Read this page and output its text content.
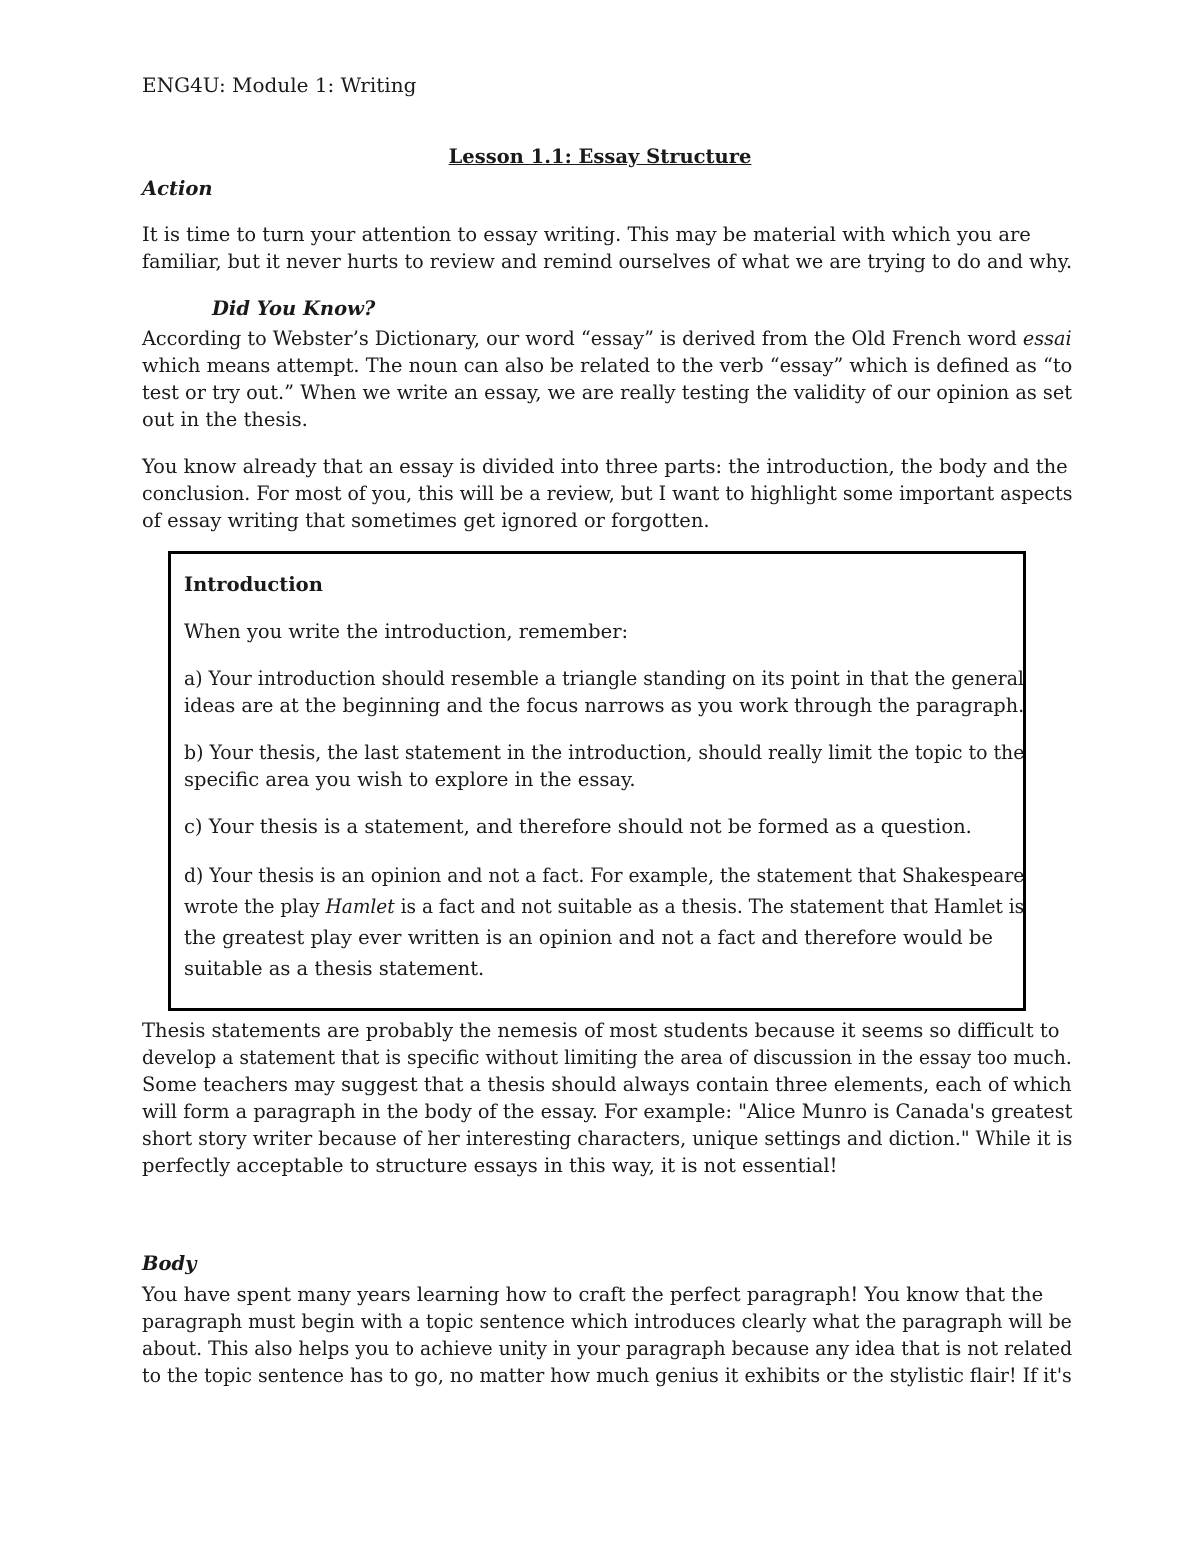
ENG4U: Module 1: Writing

Lesson 1.1: Essay Structure

Action

It is time to turn your attention to essay writing. This may be material with which you are
familiar, but it never hurts to review and remind ourselves of what we are trying to do and why.

Did You Know?

According to Webster’s Dictionary, our word “essay” is derived from the Old French word essai
which means attempt. The noun can also be related to the verb “essay” which is defined as “to
test or try out.” When we write an essay, we are really testing the validity of our opinion as set
out in the thesis.

You know already that an essay is divided into three parts: the introduction, the body and the
conclusion. For most of you, this will be a review, but I want to highlight some important aspects
of essay writing that sometimes get ignored or forgotten.

Introduction

When you write the introduction, remember:

a) Your introduction should resemble a triangle standing on its point in that the general
ideas are at the beginning and the focus narrows as you work through the paragraph.

b) Your thesis, the last statement in the introduction, should really limit the topic to the
specific area you wish to explore in the essay.

c) Your thesis is a statement, and therefore should not be formed as a question.

d) Your thesis is an opinion and not a fact. For example, the statement that Shakespeare
wrote the play Hamlet is a fact and not suitable as a thesis. The statement that Hamlet is
the greatest play ever written is an opinion and not a fact and therefore would be
suitable as a thesis statement.

Thesis statements are probably the nemesis of most students because it seems so difficult to
develop a statement that is specific without limiting the area of discussion in the essay too much.
Some teachers may suggest that a thesis should always contain three elements, each of which
will form a paragraph in the body of the essay. For example: "Alice Munro is Canada's greatest
short story writer because of her interesting characters, unique settings and diction." While it is
perfectly acceptable to structure essays in this way, it is not essential!

Body

You have spent many years learning how to craft the perfect paragraph! You know that the
paragraph must begin with a topic sentence which introduces clearly what the paragraph will be
about. This also helps you to achieve unity in your paragraph because any idea that is not related
to the topic sentence has to go, no matter how much genius it exhibits or the stylistic flair! If it's
